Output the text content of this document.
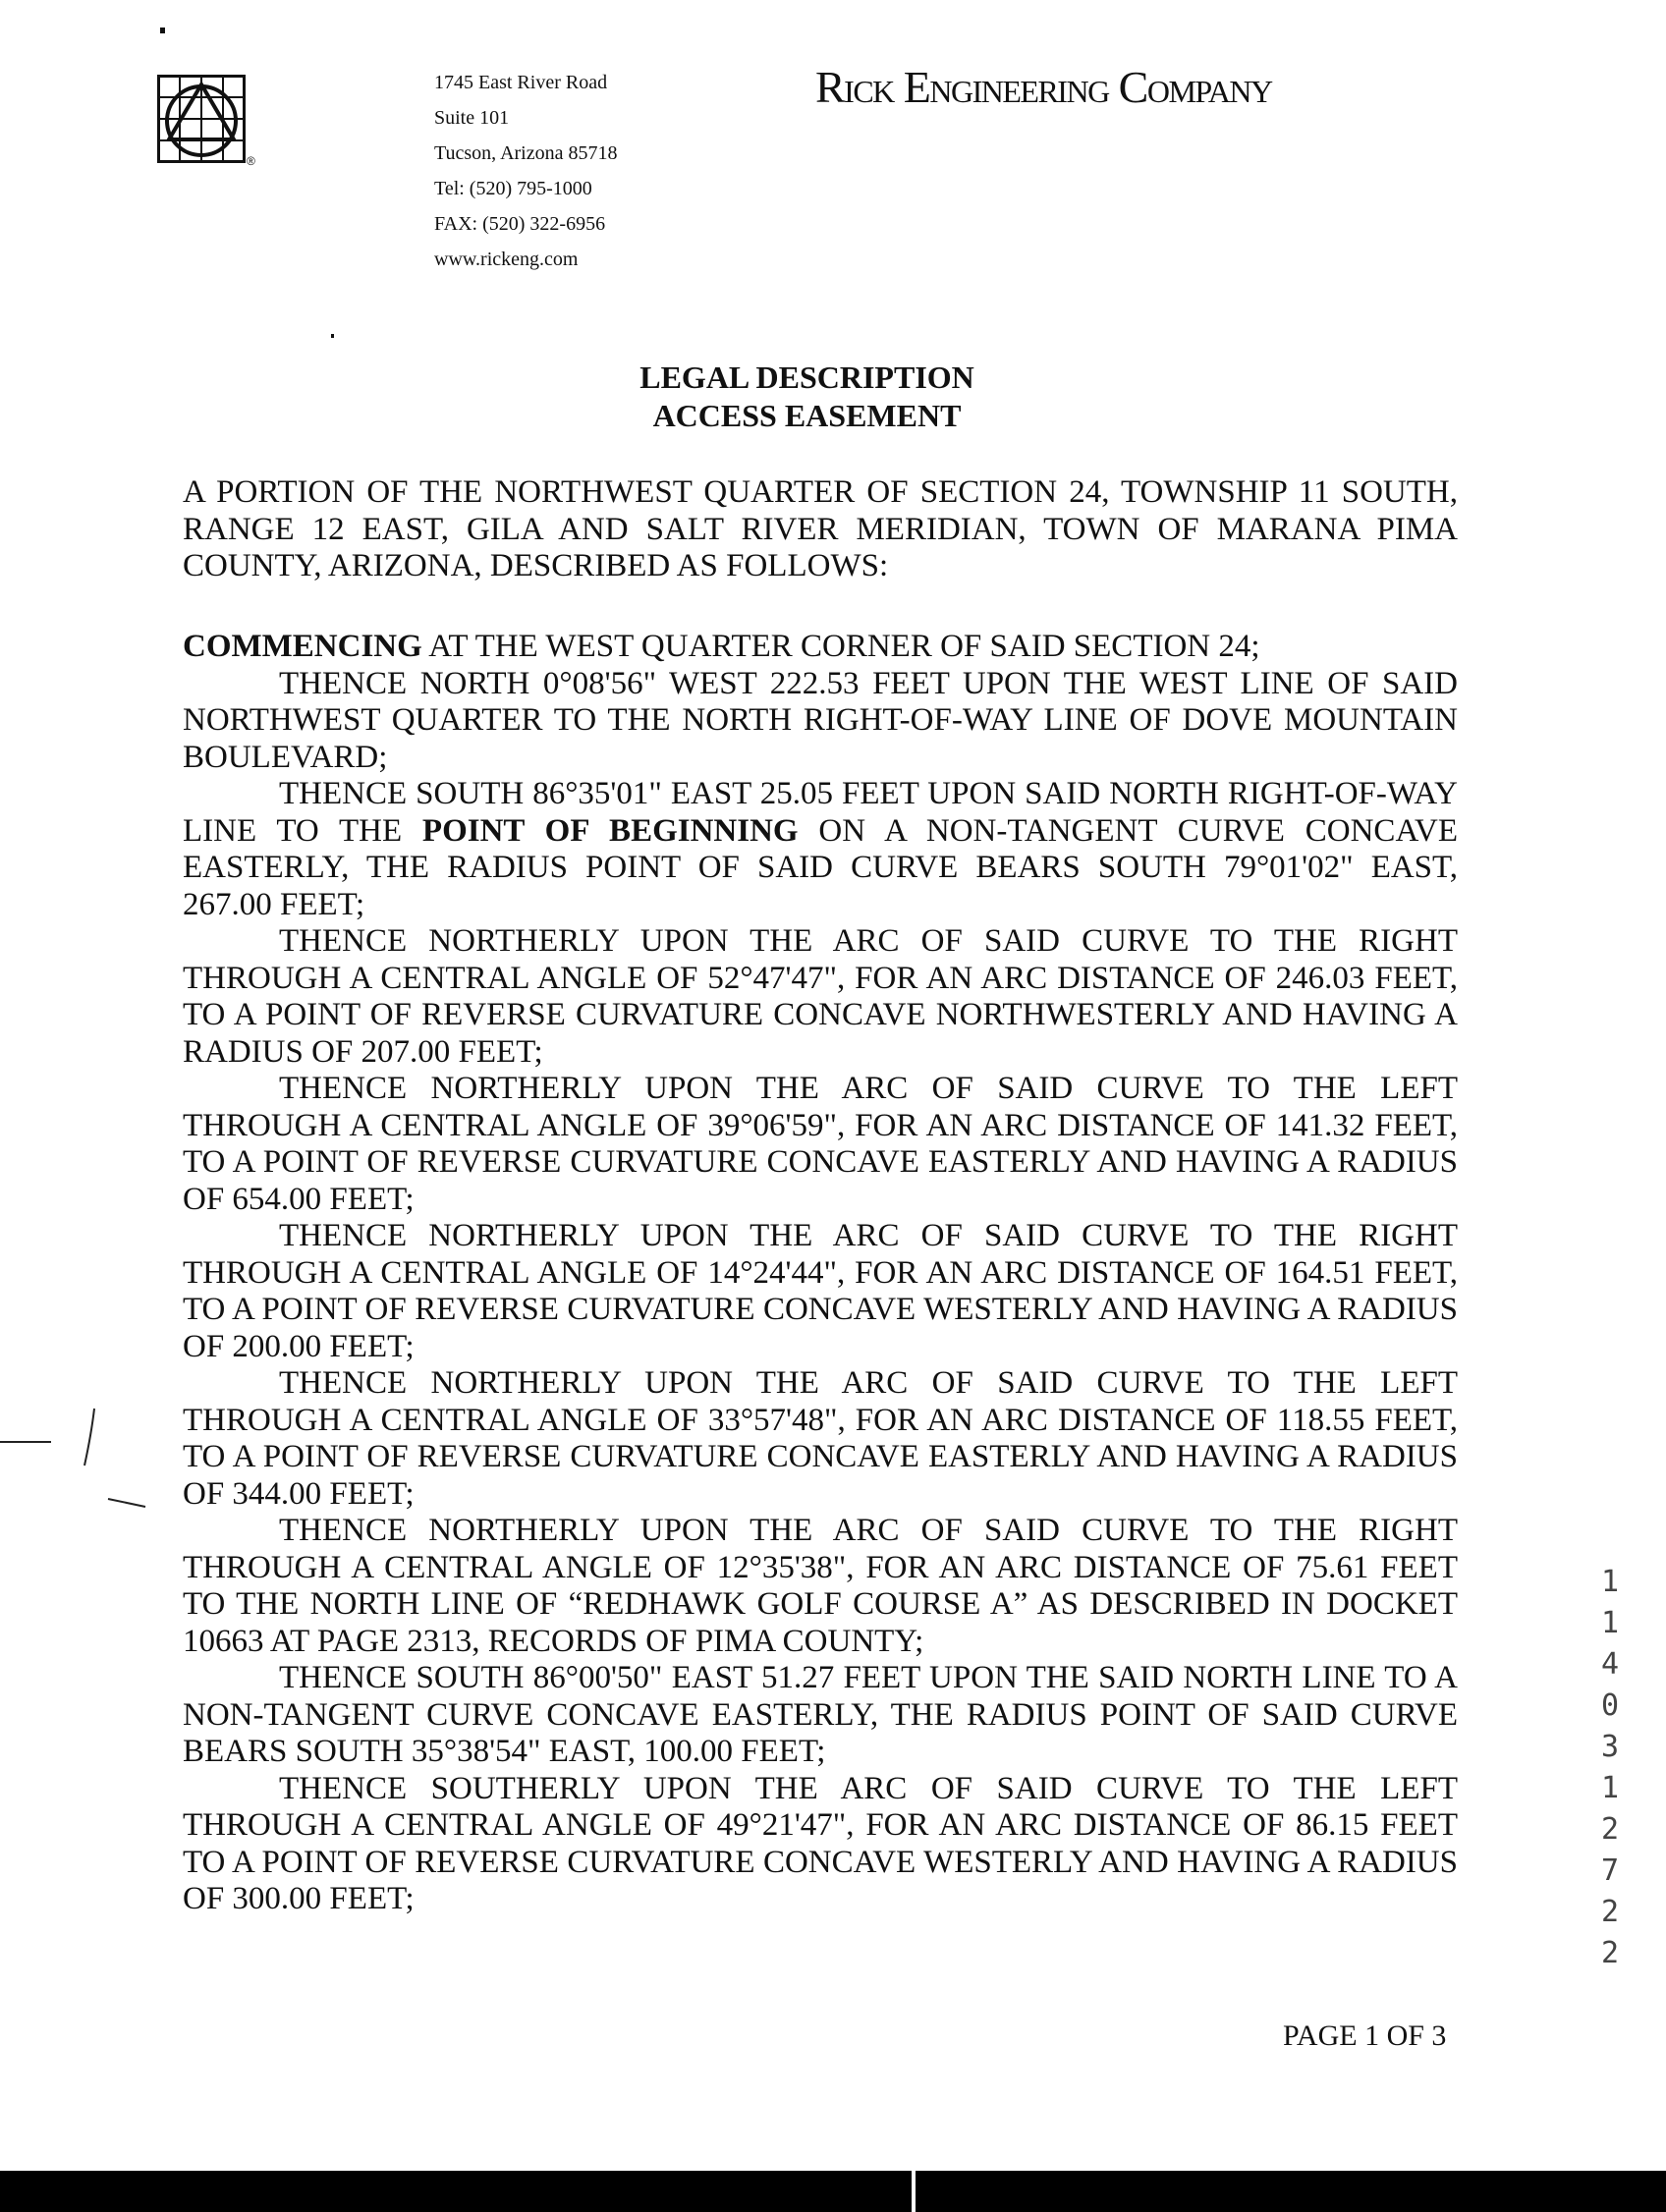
®
1745 East River Road
Suite 101
Tucson, Arizona 85718
Tel: (520) 795-1000
FAX: (520) 322-6956
www.rickeng.com
Rick Engineering Company
LEGAL DESCRIPTION
ACCESS EASEMENT
A PORTION OF THE NORTHWEST QUARTER OF SECTION 24, TOWNSHIP 11 SOUTH, RANGE 12 EAST, GILA AND SALT RIVER MERIDIAN, TOWN OF MARANA PIMA COUNTY, ARIZONA, DESCRIBED AS FOLLOWS:

COMMENCING AT THE WEST QUARTER CORNER OF SAID SECTION 24;

THENCE NORTH 0°08'56" WEST 222.53 FEET UPON THE WEST LINE OF SAID NORTHWEST QUARTER TO THE NORTH RIGHT-OF-WAY LINE OF DOVE MOUNTAIN BOULEVARD;

THENCE SOUTH 86°35'01" EAST 25.05 FEET UPON SAID NORTH RIGHT-OF-WAY LINE TO THE POINT OF BEGINNING ON A NON-TANGENT CURVE CONCAVE EASTERLY, THE RADIUS POINT OF SAID CURVE BEARS SOUTH 79°01'02" EAST, 267.00 FEET;

THENCE NORTHERLY UPON THE ARC OF SAID CURVE TO THE RIGHT THROUGH A CENTRAL ANGLE OF 52°47'47", FOR AN ARC DISTANCE OF 246.03 FEET, TO A POINT OF REVERSE CURVATURE CONCAVE NORTHWESTERLY AND HAVING A RADIUS OF 207.00 FEET;

THENCE NORTHERLY UPON THE ARC OF SAID CURVE TO THE LEFT THROUGH A CENTRAL ANGLE OF 39°06'59", FOR AN ARC DISTANCE OF 141.32 FEET, TO A POINT OF REVERSE CURVATURE CONCAVE EASTERLY AND HAVING A RADIUS OF 654.00 FEET;

THENCE NORTHERLY UPON THE ARC OF SAID CURVE TO THE RIGHT THROUGH A CENTRAL ANGLE OF 14°24'44", FOR AN ARC DISTANCE OF 164.51 FEET, TO A POINT OF REVERSE CURVATURE CONCAVE WESTERLY AND HAVING A RADIUS OF 200.00 FEET;

THENCE NORTHERLY UPON THE ARC OF SAID CURVE TO THE LEFT THROUGH A CENTRAL ANGLE OF 33°57'48", FOR AN ARC DISTANCE OF 118.55 FEET, TO A POINT OF REVERSE CURVATURE CONCAVE EASTERLY AND HAVING A RADIUS OF 344.00 FEET;

THENCE NORTHERLY UPON THE ARC OF SAID CURVE TO THE RIGHT THROUGH A CENTRAL ANGLE OF 12°35'38", FOR AN ARC DISTANCE OF 75.61 FEET TO THE NORTH LINE OF “REDHAWK GOLF COURSE A” AS DESCRIBED IN DOCKET 10663 AT PAGE 2313, RECORDS OF PIMA COUNTY;

THENCE SOUTH 86°00'50" EAST 51.27 FEET UPON THE SAID NORTH LINE TO A NON-TANGENT CURVE CONCAVE EASTERLY, THE RADIUS POINT OF SAID CURVE BEARS SOUTH 35°38'54" EAST, 100.00 FEET;

THENCE SOUTHERLY UPON THE ARC OF SAID CURVE TO THE LEFT THROUGH A CENTRAL ANGLE OF 49°21'47", FOR AN ARC DISTANCE OF 86.15 FEET TO A POINT OF REVERSE CURVATURE CONCAVE WESTERLY AND HAVING A RADIUS OF 300.00 FEET;

11403 12722
PAGE 1 OF 3
